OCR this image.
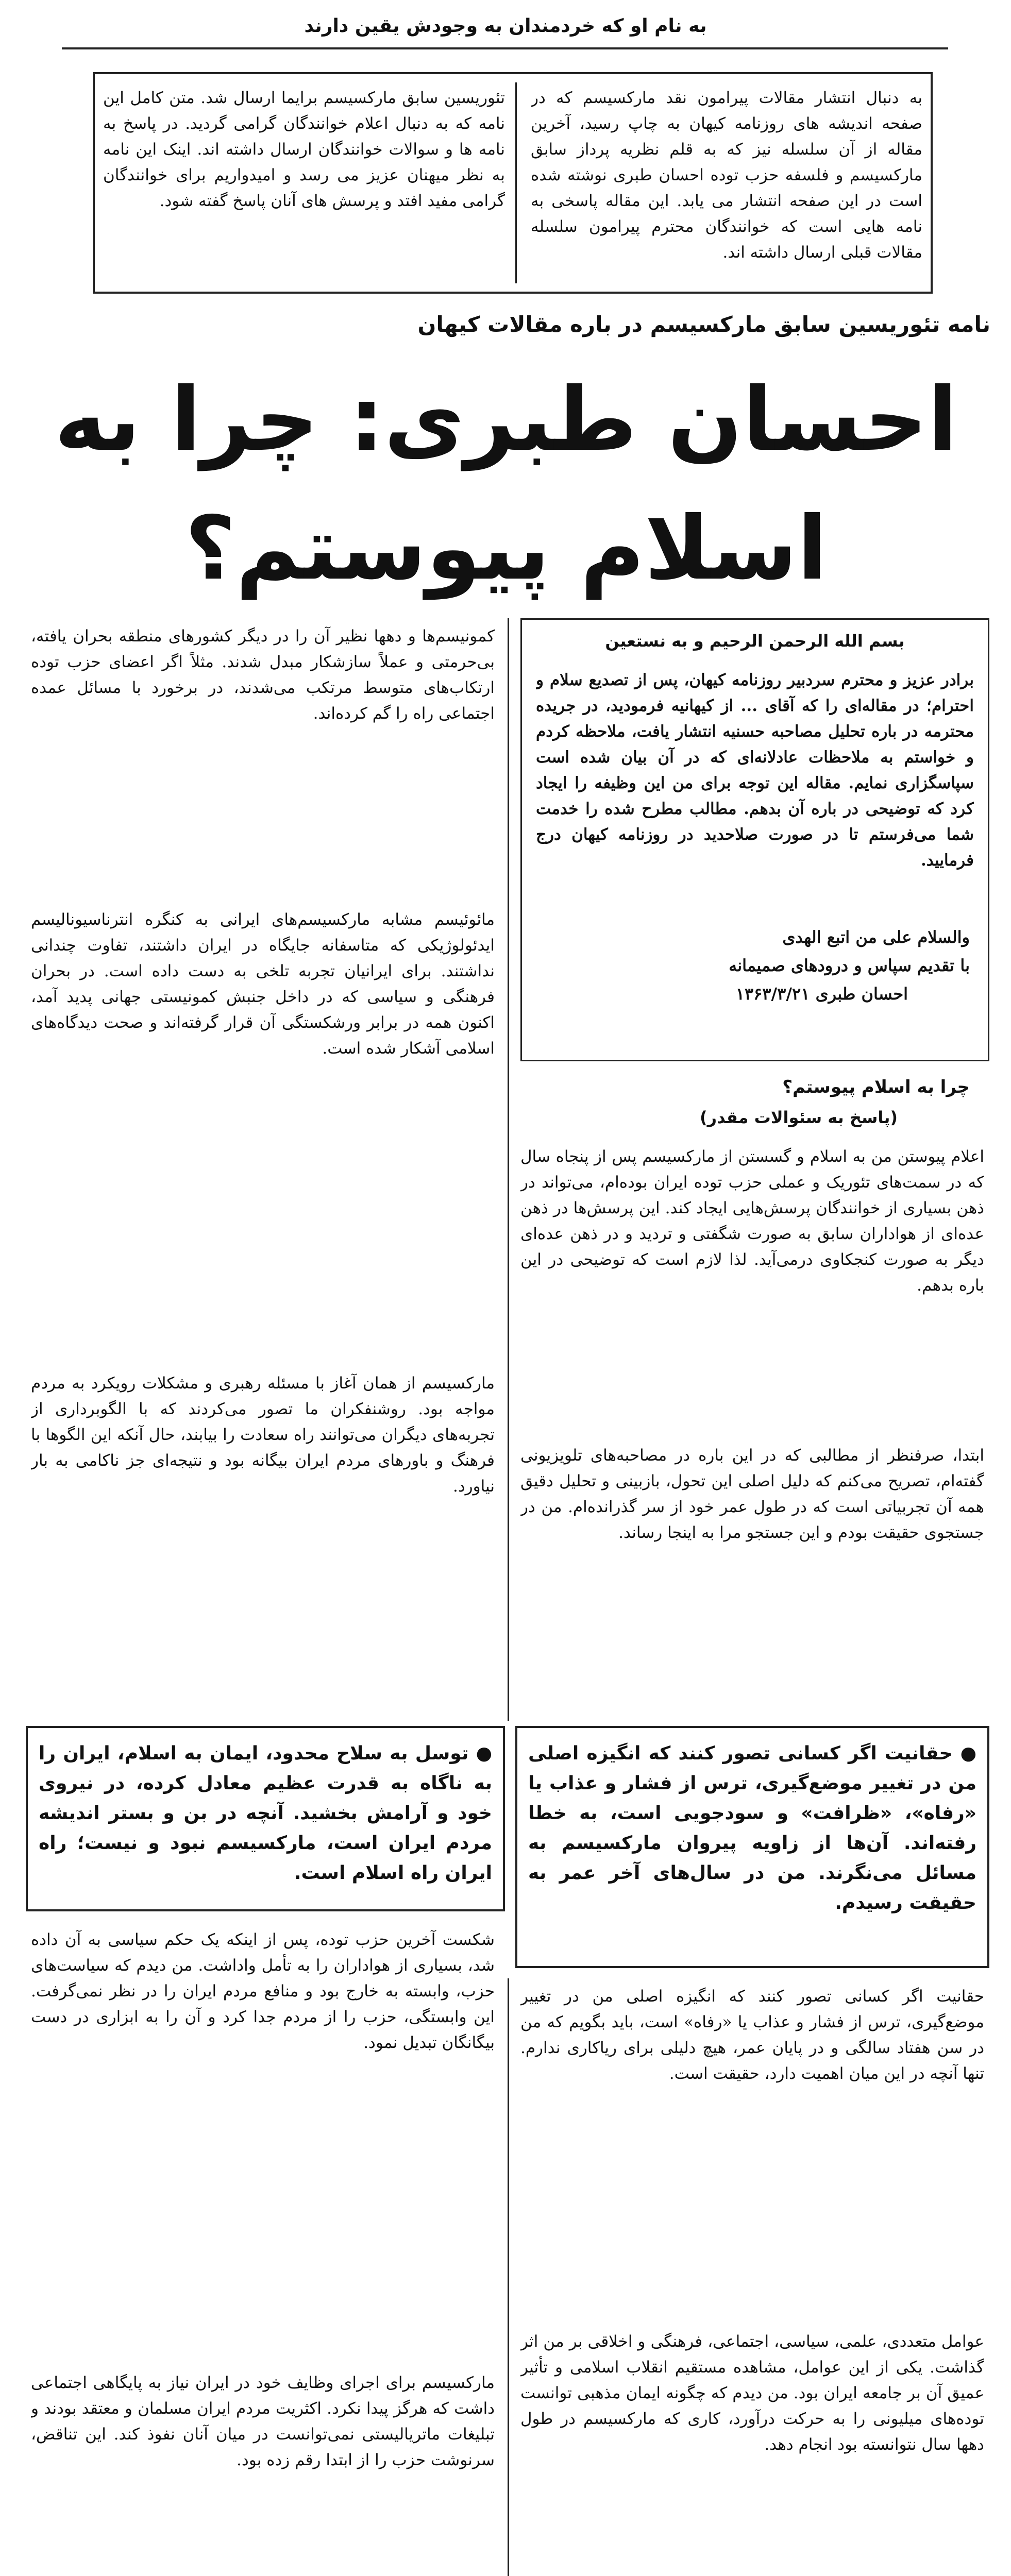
به نام او که خردمندان به وجودش یقین دارند
به دنبال انتشار مقالات پیرامون نقد مارکسیسم که در صفحه اندیشه های روزنامه کیهان به چاپ رسید، آخرین مقاله از آن سلسله نیز که به قلم نظریه پرداز سابق مارکسیسم و فلسفه حزب توده احسان طبری نوشته شده است در این صفحه انتشار می یابد. این مقاله پاسخی به نامه هایی است که خوانندگان محترم پیرامون سلسله مقالات قبلی ارسال داشته اند.
تئوریسین سابق مارکسیسم برایما ارسال شد. متن کامل این نامه که به دنبال اعلام خوانندگان گرامی گردید. در پاسخ به نامه ها و سوالات خوانندگان ارسال داشته اند. اینک این نامه به نظر میهنان عزیز می رسد و امیدواریم برای خوانندگان گرامی مفید افتد و پرسش های آنان پاسخ گفته شود.
نامه تئوریسین سابق مارکسیسم در باره مقالات کیهان
احسان طبری: چرا به اسلام پیوستم؟
بسم الله الرحمن الرحیم و به نستعین
برادر عزیز و محترم سردبیر روزنامه کیهان، پس از تصدیع سلام و احترام؛ در مقاله‌ای را که آقای ... از کیهانیه فرمودید، در جریده محترمه در باره تحلیل مصاحبه حسنیه انتشار یافت، ملاحظه کردم و خواستم به ملاحظات عادلانه‌ای که در آن بیان شده است سپاسگزاری نمایم. مقاله این توجه برای من این وظیفه را ایجاد کرد که توضیحی در باره آن بدهم. مطالب مطرح شده را خدمت شما می‌فرستم تا در صورت صلاحدید در روزنامه کیهان درج فرمایید.
والسلام علی من اتبع الهدی
با تقدیم سپاس و درودهای صمیمانه
احسان طبری ۱۳۶۳/۳/۲۱
چرا به اسلام پیوستم؟
(پاسخ به سئوالات مقدر)
اعلام پیوستن من به اسلام و گسستن از مارکسیسم پس از پنجاه سال که در سمت‌های تئوریک و عملی حزب توده ایران بوده‌ام، می‌تواند در ذهن بسیاری از خوانندگان پرسش‌هایی ایجاد کند. این پرسش‌ها در ذهن عده‌ای از هواداران سابق به صورت شگفتی و تردید و در ذهن عده‌ای دیگر به صورت کنجکاوی درمی‌آید. لذا لازم است که توضیحی در این باره بدهم.
ابتدا، صرفنظر از مطالبی که در این باره در مصاحبه‌های تلویزیونی گفته‌ام، تصریح می‌کنم که دلیل اصلی این تحول، بازبینی و تحلیل دقیق همه آن تجربیاتی است که در طول عمر خود از سر گذرانده‌ام. من در جستجوی حقیقت بودم و این جستجو مرا به اینجا رساند.
کمونیسم‌ها و دهها نظیر آن را در دیگر کشورهای منطقه بحران یافته، بی‌حرمتی و عملاً سازشکار مبدل شدند. مثلاً اگر اعضای حزب توده ارتکاب‌های متوسط مرتکب می‌شدند، در برخورد با مسائل عمده اجتماعی راه را گم کرده‌اند.
مائوئیسم مشابه مارکسیسم‌های ایرانی به کنگره انترناسیونالیسم ایدئولوژیکی که متاسفانه جایگاه در ایران داشتند، تفاوت چندانی نداشتند. برای ایرانیان تجربه تلخی به دست داده است. در بحران فرهنگی و سیاسی که در داخل جنبش کمونیستی جهانی پدید آمد، اکنون همه در برابر ورشکستگی آن قرار گرفته‌اند و صحت دیدگاه‌های اسلامی آشکار شده است.
مارکسیسم از همان آغاز با مسئله رهبری و مشکلات رویکرد به مردم مواجه بود. روشنفکران ما تصور می‌کردند که با الگوبرداری از تجربه‌های دیگران می‌توانند راه سعادت را بیابند، حال آنکه این الگوها با فرهنگ و باورهای مردم ایران بیگانه بود و نتیجه‌ای جز ناکامی به بار نیاورد.
● حقانیت اگر کسانی تصور کنند که انگیزه اصلی من در تغییر موضع‌گیری، ترس از فشار و عذاب یا «رفاه»، «ظرافت» و سودجویی است، به خطا رفته‌اند. آن‌ها از زاویه پیروان مارکسیسم به مسائل می‌نگرند. من در سال‌های آخر عمر به حقیقت رسیدم.
● توسل به سلاح محدود، ایمان به اسلام، ایران را به ناگاه به قدرت عظیم معادل کرده، در نیروی خود و آرامش بخشید. آنچه در بن و بستر اندیشه مردم ایران است، مارکسیسم نبود و نیست؛ راه ایران راه اسلام است.
حقانیت اگر کسانی تصور کنند که انگیزه اصلی من در تغییر موضع‌گیری، ترس از فشار و عذاب یا «رفاه» است، باید بگویم که من در سن هفتاد سالگی و در پایان عمر، هیچ دلیلی برای ریاکاری ندارم. تنها آنچه در این میان اهمیت دارد، حقیقت است.
عوامل متعددی، علمی، سیاسی، اجتماعی، فرهنگی و اخلاقی بر من اثر گذاشت. یکی از این عوامل، مشاهده مستقیم انقلاب اسلامی و تأثیر عمیق آن بر جامعه ایران بود. من دیدم که چگونه ایمان مذهبی توانست توده‌های میلیونی را به حرکت درآورد، کاری که مارکسیسم در طول دهها سال نتوانسته بود انجام دهد.
شکست آخرین حزب توده، پس از اینکه یک حکم سیاسی به آن داده شد، بسیاری از هواداران را به تأمل واداشت. من دیدم که سیاست‌های حزب، وابسته به خارج بود و منافع مردم ایران را در نظر نمی‌گرفت. این وابستگی، حزب را از مردم جدا کرد و آن را به ابزاری در دست بیگانگان تبدیل نمود.
مارکسیسم برای اجرای وظایف خود در ایران نیاز به پایگاهی اجتماعی داشت که هرگز پیدا نکرد. اکثریت مردم ایران مسلمان و معتقد بودند و تبلیغات ماتریالیستی نمی‌توانست در میان آنان نفوذ کند. این تناقض، سرنوشت حزب را از ابتدا رقم زده بود.
